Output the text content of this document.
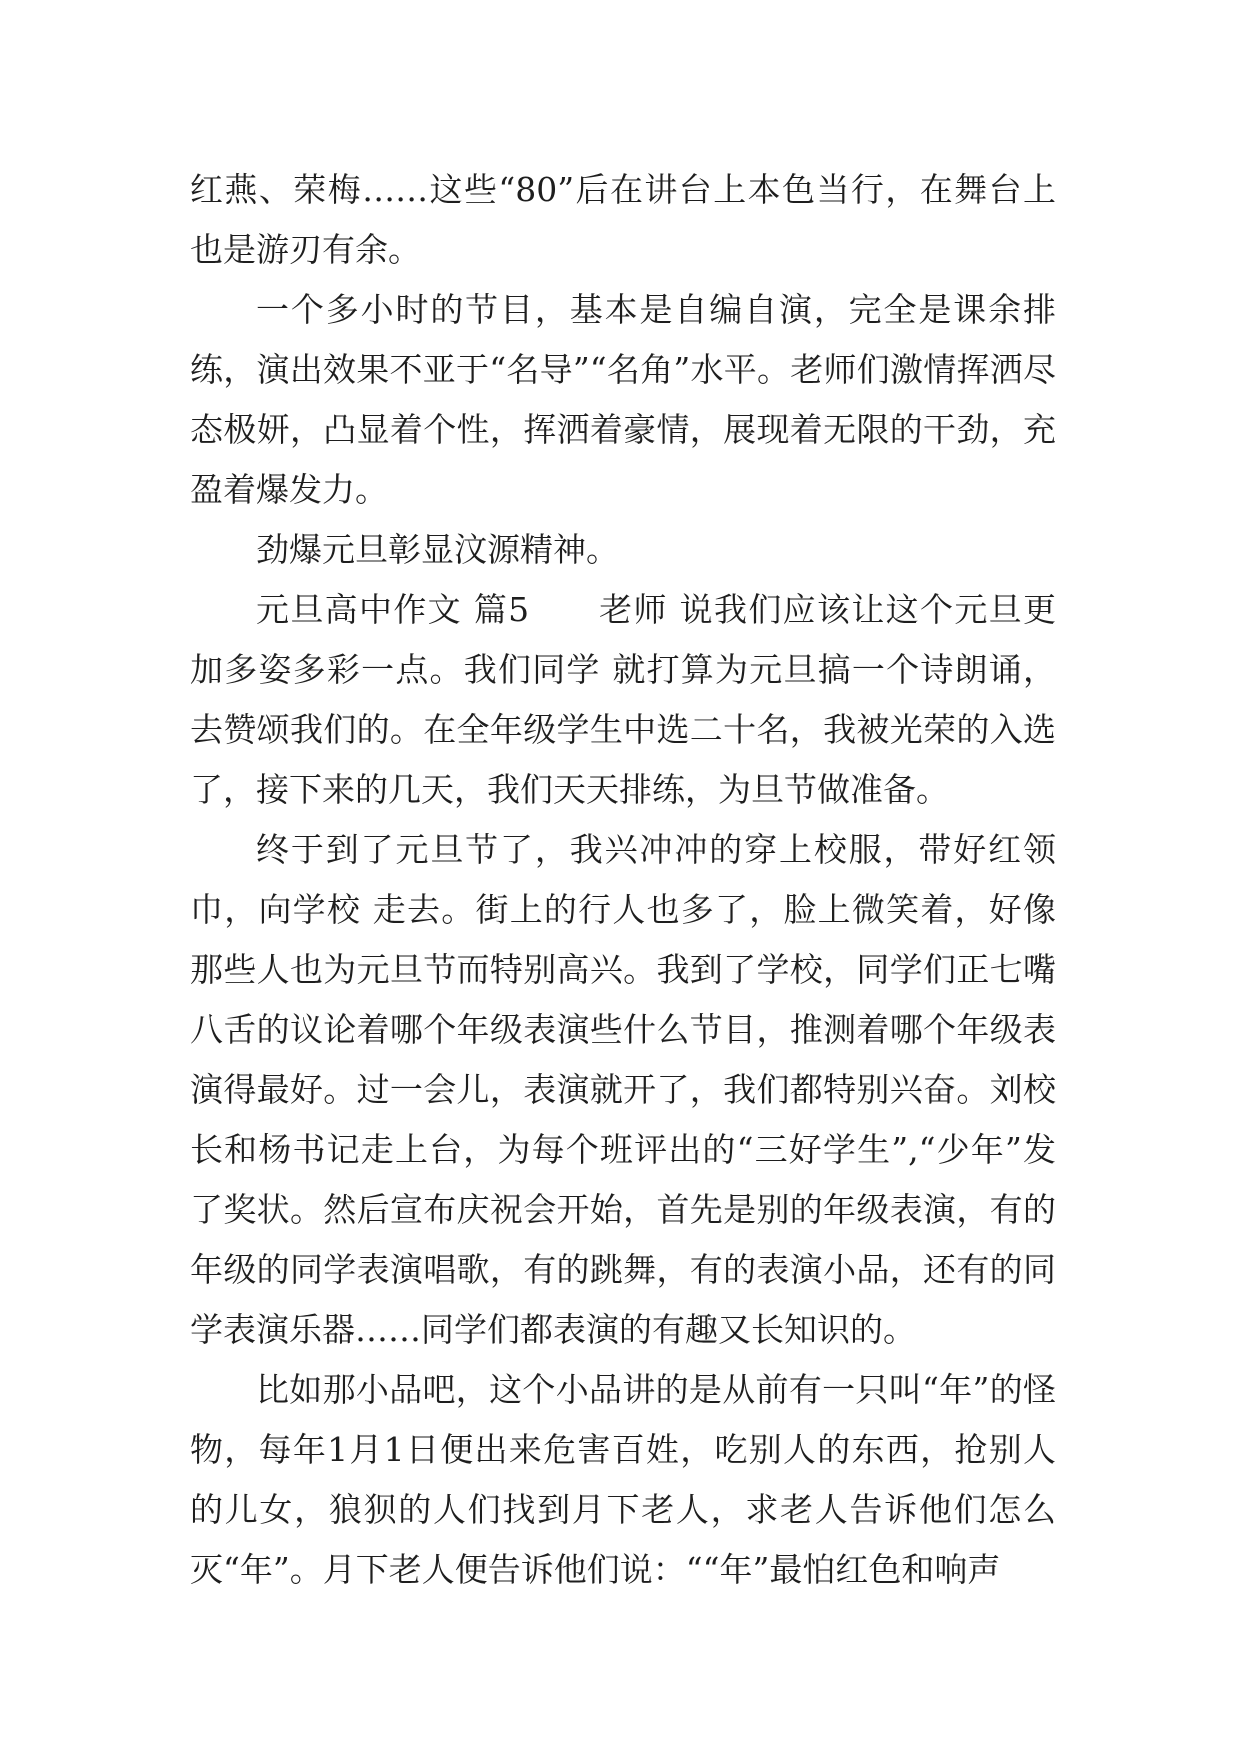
红燕、荣梅……这些“80”后在讲台上本色当行，在舞台上也是游刃有余。

一个多小时的节目，基本是自编自演，完全是课余排练，演出效果不亚于“名导”“名角”水平。老师们激情挥洒尽态极妍，凸显着个性，挥洒着豪情，展现着无限的干劲，充盈着爆发力。

劲爆元旦彰显汶源精神。

元旦高中作文 篇5　　老师 说我们应该让这个元旦更加多姿多彩一点。我们同学 就打算为元旦搞一个诗朗诵，去赞颂我们的。在全年级学生中选二十名，我被光荣的入选了，接下来的几天，我们天天排练，为旦节做准备。

终于到了元旦节了，我兴冲冲的穿上校服，带好红领巾，向学校 走去。街上的行人也多了，脸上微笑着，好像那些人也为元旦节而特别高兴。我到了学校，同学们正七嘴八舌的议论着哪个年级表演些什么节目，推测着哪个年级表演得最好。过一会儿，表演就开了，我们都特别兴奋。刘校长和杨书记走上台，为每个班评出的“三好学生”,“少年”发了奖状。然后宣布庆祝会开始，首先是别的年级表演，有的年级的同学表演唱歌，有的跳舞，有的表演小品，还有的同学表演乐器……同学们都表演的有趣又长知识的。

比如那小品吧，这个小品讲的是从前有一只叫“年”的怪物，每年1月1日便出来危害百姓，吃别人的东西，抢别人的儿女，狼狈的人们找到月下老人，求老人告诉他们怎么灭“年”。月下老人便告诉他们说：““年”最怕红色和响声
